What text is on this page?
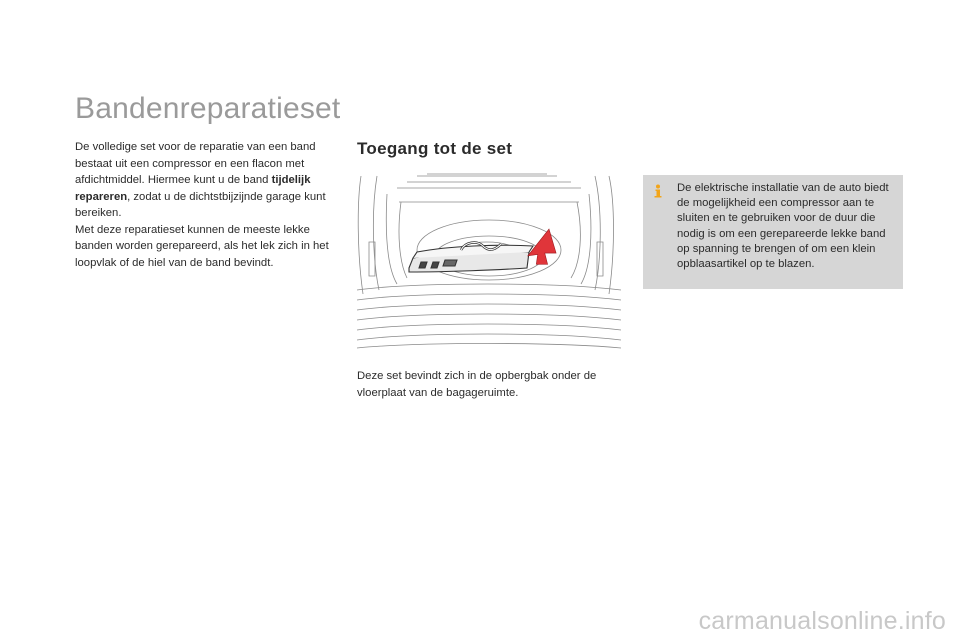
Bandenreparatieset

De volledige set voor de reparatie van een band bestaat uit een compressor en een flacon met afdichtmiddel. Hiermee kunt u de band tijdelijk repareren, zodat u de dichtstbijzijnde garage kunt bereiken.

Met deze reparatieset kunnen de meeste lekke banden worden gerepareerd, als het lek zich in het loopvlak of de hiel van de band bevindt.

Toegang tot de set

Deze set bevindt zich in de opbergbak onder de vloerplaat van de bagageruimte.

De elektrische installatie van de auto biedt de mogelijkheid een compressor aan te sluiten en te gebruiken voor de duur die nodig is om een gerepareerde lekke band op spanning te brengen of om een klein opblaasartikel op te blazen.

carmanualsonline.info
